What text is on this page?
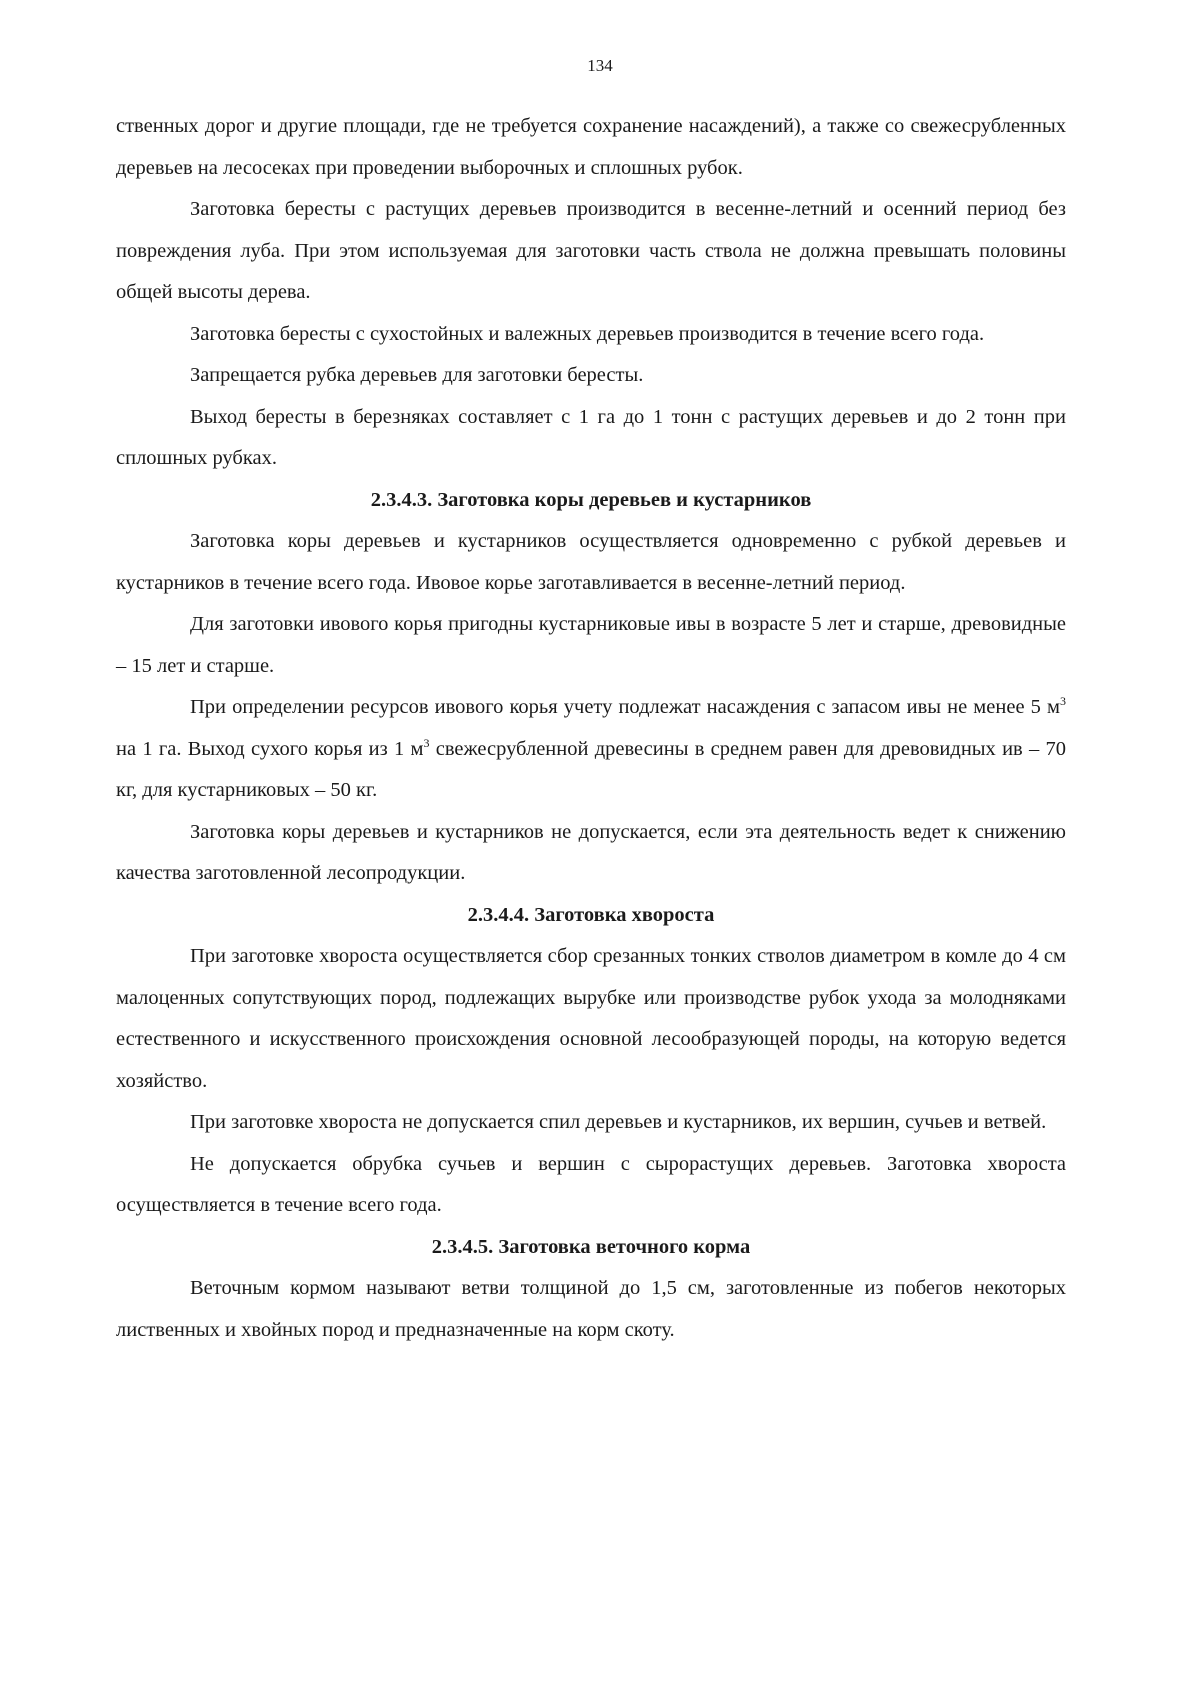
134

ственных дорог и другие площади, где не требуется сохранение насаждений), а также со свежесрубленных деревьев на лесосеках при проведении выборочных и сплошных рубок.

Заготовка бересты с растущих деревьев производится в весенне-летний и осенний период без повреждения луба. При этом используемая для заготовки часть ствола не должна превышать половины общей высоты дерева.

Заготовка бересты с сухостойных и валежных деревьев производится в течение всего года.

Запрещается рубка деревьев для заготовки бересты.

Выход бересты в березняках составляет с 1 га до 1 тонн с растущих деревьев и до 2 тонн при сплошных рубках.

2.3.4.3. Заготовка коры деревьев и кустарников

Заготовка коры деревьев и кустарников осуществляется одновременно с рубкой деревьев и кустарников в течение всего года. Ивовое корье заготавливается в весенне-летний период.

Для заготовки ивового корья пригодны кустарниковые ивы в возрасте 5 лет и старше, древовидные – 15 лет и старше.

При определении ресурсов ивового корья учету подлежат насаждения с запасом ивы не менее 5 $м^3$ на 1 га. Выход сухого корья из 1 $м^3$ свежесрубленной древесины в среднем равен для древовидных ив – 70 кг, для кустарниковых – 50 кг.

Заготовка коры деревьев и кустарников не допускается, если эта деятельность ведет к снижению качества заготовленной лесопродукции.

2.3.4.4. Заготовка хвороста

При заготовке хвороста осуществляется сбор срезанных тонких стволов диаметром в комле до 4 см малоценных сопутствующих пород, подлежащих вырубке или производстве рубок ухода за молодняками естественного и искусственного происхождения основной лесообразующей породы, на которую ведется хозяйство.

При заготовке хвороста не допускается спил деревьев и кустарников, их вершин, сучьев и ветвей.

Не допускается обрубка сучьев и вершин с сырорастущих деревьев. Заготовка хвороста осуществляется в течение всего года.

2.3.4.5. Заготовка веточного корма

Веточным кормом называют ветви толщиной до 1,5 см, заготовленные из побегов некоторых лиственных и хвойных пород и предназначенные на корм скоту.
